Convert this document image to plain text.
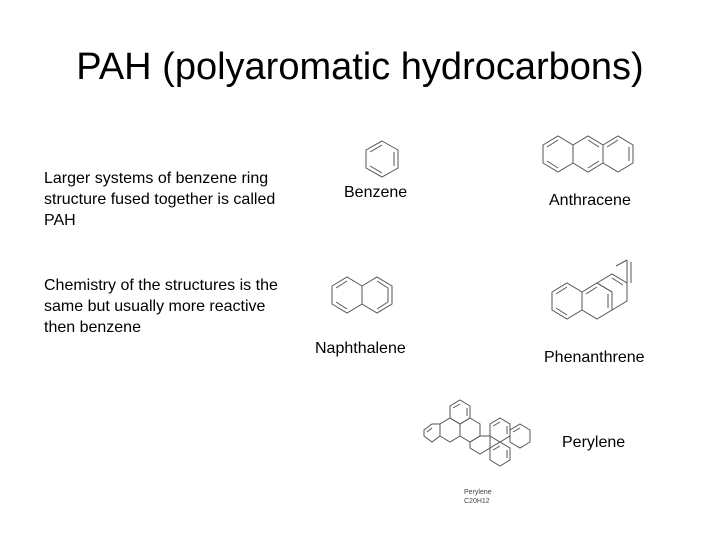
PAH (polyaromatic hydrocarbons)
Larger systems of benzene ring structure fused together is called PAH
Chemistry of the structures is the same but usually more reactive then benzene
Benzene	Anthracene
Naphthalene
Phenanthrene
Perylene
C20H12
Perylene
